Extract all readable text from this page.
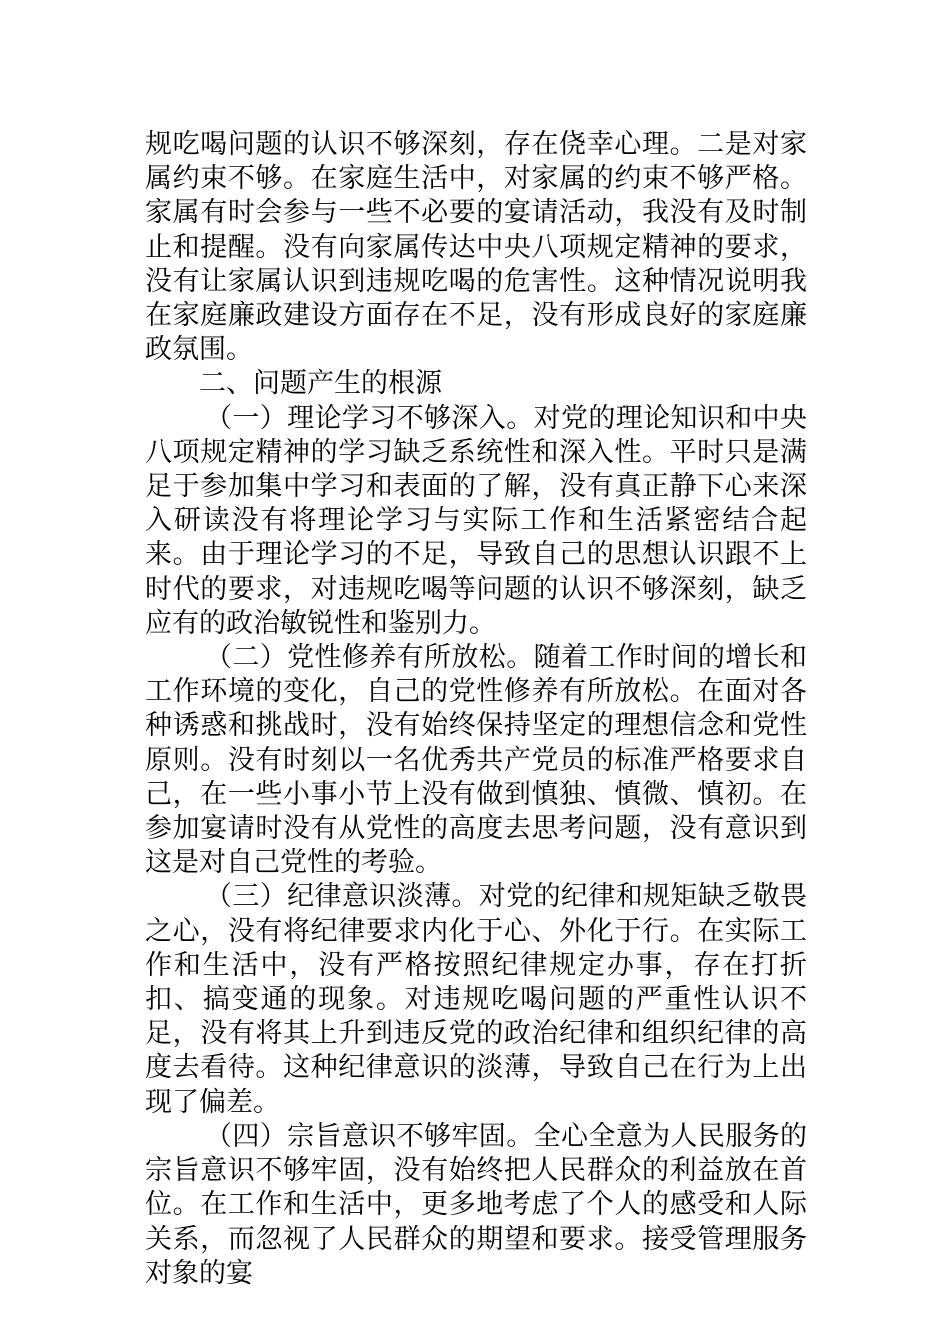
规吃喝问题的认识不够深刻，存在侥幸心理。二是对家属约束不够。在家庭生活中，对家属的约束不够严格。家属有时会参与一些不必要的宴请活动，我没有及时制止和提醒。没有向家属传达中央八项规定精神的要求，没有让家属认识到违规吃喝的危害性。这种情况说明我在家庭廉政建设方面存在不足，没有形成良好的家庭廉政氛围。

二、问题产生的根源

（一）理论学习不够深入。对党的理论知识和中央八项规定精神的学习缺乏系统性和深入性。平时只是满足于参加集中学习和表面的了解，没有真正静下心来深入研读没有将理论学习与实际工作和生活紧密结合起来。由于理论学习的不足，导致自己的思想认识跟不上时代的要求，对违规吃喝等问题的认识不够深刻，缺乏应有的政治敏锐性和鉴别力。

（二）党性修养有所放松。随着工作时间的增长和工作环境的变化，自己的党性修养有所放松。在面对各种诱惑和挑战时，没有始终保持坚定的理想信念和党性原则。没有时刻以一名优秀共产党员的标准严格要求自己，在一些小事小节上没有做到慎独、慎微、慎初。在参加宴请时没有从党性的高度去思考问题，没有意识到这是对自己党性的考验。

（三）纪律意识淡薄。对党的纪律和规矩缺乏敬畏之心，没有将纪律要求内化于心、外化于行。在实际工作和生活中，没有严格按照纪律规定办事，存在打折扣、搞变通的现象。对违规吃喝问题的严重性认识不足，没有将其上升到违反党的政治纪律和组织纪律的高度去看待。这种纪律意识的淡薄，导致自己在行为上出现了偏差。

（四）宗旨意识不够牢固。全心全意为人民服务的宗旨意识不够牢固，没有始终把人民群众的利益放在首位。在工作和生活中，更多地考虑了个人的感受和人际关系，而忽视了人民群众的期望和要求。接受管理服务对象的宴
